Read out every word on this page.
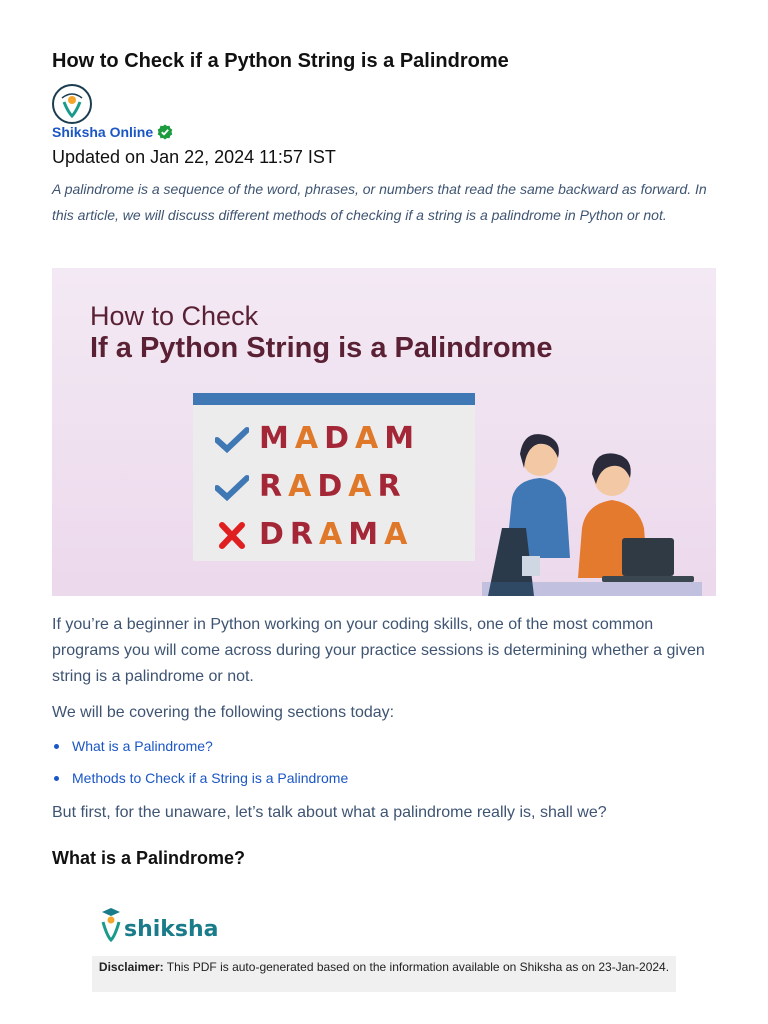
How to Check if a Python String is a Palindrome
Shiksha Online
Updated on Jan 22, 2024 11:57 IST
A palindrome is a sequence of the word, phrases, or numbers that read the same backward as forward. In this article, we will discuss different methods of checking if a string is a palindrome in Python or not.
How to Check
If a Python String is a Palindrome
MADAM
RADAR
DRAMA
If you’re a beginner in Python working on your coding skills, one of the most common programs you will come across during your practice sessions is determining whether a given string is a palindrome or not.
We will be covering the following sections today:
What is a Palindrome?
Methods to Check if a String is a Palindrome
But first, for the unaware, let’s talk about what a palindrome really is, shall we?
What is a Palindrome?
shiksha
Disclaimer: This PDF is auto-generated based on the information available on Shiksha as on 23-Jan-2024.
